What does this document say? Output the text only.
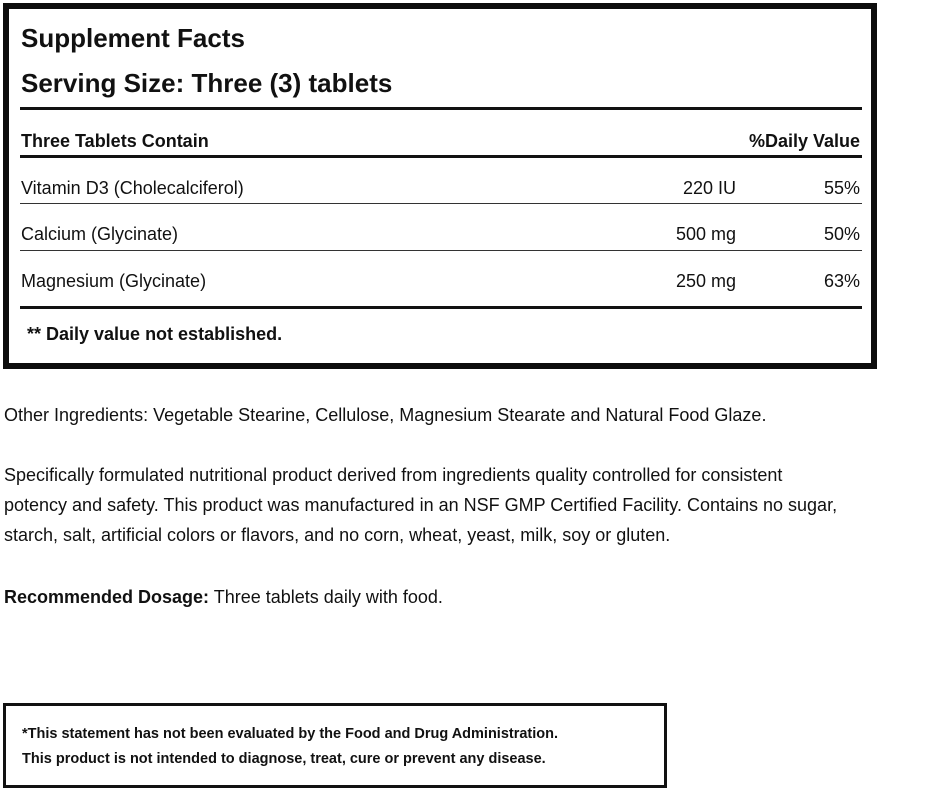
Supplement Facts
Serving Size: Three (3) tablets
Three Tablets Contain	%Daily Value
Vitamin D3 (Cholecalciferol)	220 IU	55%
Calcium (Glycinate)	500 mg	50%
Magnesium (Glycinate)	250 mg	63%
** Daily value not established.
Other Ingredients: Vegetable Stearine, Cellulose, Magnesium Stearate and Natural Food Glaze.
Specifically formulated nutritional product derived from ingredients quality controlled for consistent
potency and safety. This product was manufactured in an NSF GMP Certified Facility. Contains no sugar,
starch, salt, artificial colors or flavors, and no corn, wheat, yeast, milk, soy or gluten.
Recommended Dosage: Three tablets daily with food.
*This statement has not been evaluated by the Food and Drug Administration.
This product is not intended to diagnose, treat, cure or prevent any disease.
